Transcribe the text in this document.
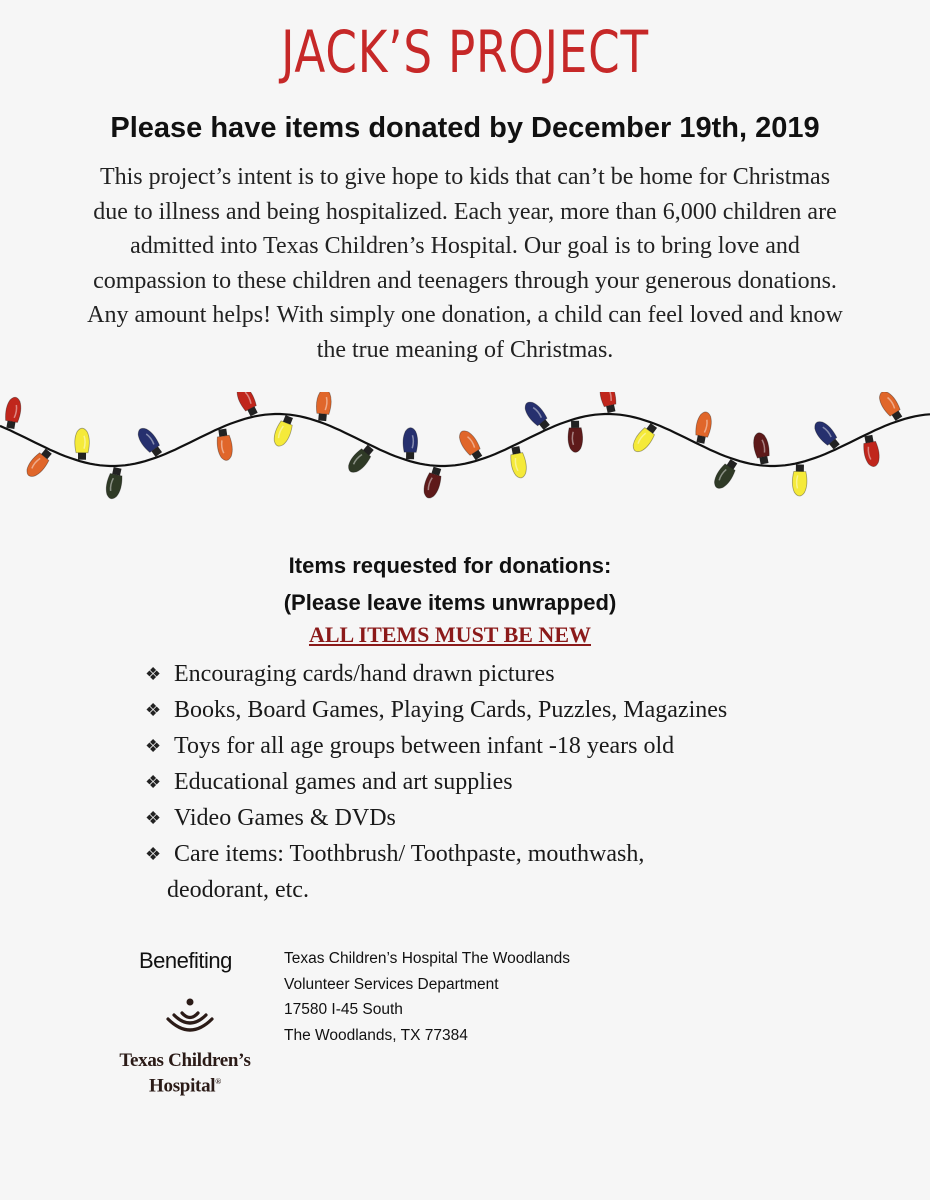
JACK’S PROJECT
Please have items donated by December 19th, 2019
This project’s intent is to give hope to kids that can’t be home for Christmas
due to illness and being hospitalized. Each year, more than 6,000 children are
admitted into Texas Children’s Hospital. Our goal is to bring love and
compassion to these children and teenagers through your generous donations.
Any amount helps! With simply one donation, a child can feel loved and know
the true meaning of Christmas.
Items requested for donations:
(Please leave items unwrapped)
ALL ITEMS MUST BE NEW
❖ Encouraging cards/hand drawn pictures
❖ Books, Board Games, Playing Cards, Puzzles, Magazines
❖ Toys for all age groups between infant -18 years old
❖ Educational games and art supplies
❖ Video Games & DVDs
❖ Care items: Toothbrush/ Toothpaste, mouthwash,
deodorant, etc.
Benefiting
Texas Children’s
Hospital®
Texas Children’s Hospital The Woodlands
Volunteer Services Department
17580 I-45 South
The Woodlands, TX 77384
